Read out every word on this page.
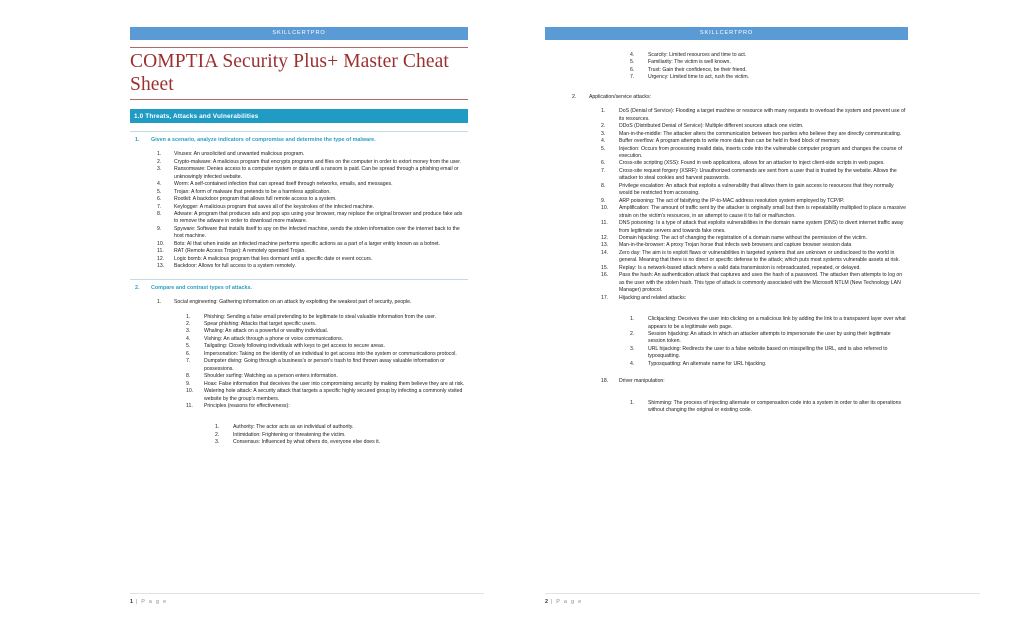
SKILLCERTPRO
COMPTIA Security Plus+ Master Cheat Sheet
1.0 Threats, Attacks and Vulnerabilities
1.	Given a scenario, analyze indicators of compromise and determine the type of malware.
1.	Viruses: An unsolicited and unwanted malicious program.
2.	Crypto-malware: A malicious program that encrypts programs and files on the computer in order to extort money from the user.
3.	Ransomware: Denies access to a computer system or data until a ransom is paid. Can be spread through a phishing email or unknowingly infected website.
4.	Worm: A self-contained infection that can spread itself through networks, emails, and messages.
5.	Trojan: A form of malware that pretends to be a harmless application.
6.	Rootkit: A backdoor program that allows full remote access to a system.
7.	Keylogger: A malicious program that saves all of the keystrokes of the infected machine.
8.	Adware: A program that produces ads and pop ups using your browser, may replace the original browser and produce fake ads to remove the adware in order to download more malware.
9.	Spyware: Software that installs itself to spy on the infected machine, sends the stolen information over the internet back to the host machine.
10.	Bots: AI that when inside an infected machine performs specific actions as a part of a larger entity known as a botnet.
11.	RAT (Remote Access Trojan): A remotely operated Trojan.
12.	Logic bomb: A malicious program that lies dormant until a specific date or event occurs.
13.	Backdoor: Allows for full access to a system remotely.
2.	Compare and contrast types of attacks.
1.	Social engineering: Gathering information on an attack by exploiting the weakest part of security, people.
1.	Phishing: Sending a false email pretending to be legitimate to steal valuable information from the user.
2.	Spear phishing: Attacks that target specific users.
3.	Whaling: An attack on a powerful or wealthy individual.
4.	Vishing: An attack through a phone or voice communications.
5.	Tailgating: Closely following individuals with keys to get access to secure areas.
6.	Impersonation: Taking on the identity of an individual to get access into the system or communications protocol.
7.	Dumpster diving: Going through a business's or person's trash to find thrown away valuable information or possessions.
8.	Shoulder surfing: Watching as a person enters information.
9.	Hoax: False information that deceives the user into compromising security by making them believe they are at risk.
10.	Watering hole attack: A security attack that targets a specific highly secured group by infecting a commonly visited website by the group's members.
11.	Principles (reasons for effectiveness):
1.	Authority: The actor acts as an individual of authority.
2.	Intimidation: Frightening or threatening the victim.
3.	Consensus: Influenced by what others do, everyone else does it.
1 | P a g e
SKILLCERTPRO
4.	Scarcity: Limited resources and time to act.
5.	Familiarity: The victim is well known.
6.	Trust: Gain their confidence, be their friend.
7.	Urgency: Limited time to act, rush the victim.
2.	Application/service attacks:
1.	DoS (Denial of Service): Flooding a target machine or resource with many requests to overload the system and prevent use of its resources.
2.	DDoS (Distributed Denial of Service): Multiple different sources attack one victim.
3.	Man-in-the-middle: The attacker alters the communication between two parties who believe they are directly communicating.
4.	Buffer overflow: A program attempts to write more data than can be held in fixed block of memory.
5.	Injection: Occurs from processing invalid data, inserts code into the vulnerable computer program and changes the course of execution.
6.	Cross-site scripting (XSS): Found in web applications, allows for an attacker to inject client-side scripts in web pages.
7.	Cross-site request forgery (XSRF): Unauthorized commands are sent from a user that is trusted by the website. Allows the attacker to steal cookies and harvest passwords.
8.	Privilege escalation: An attack that exploits a vulnerability that allows them to gain access to resources that they normally would be restricted from accessing.
9.	ARP poisoning: The act of falsifying the IP-to-MAC address resolution system employed by TCP/IP.
10.	Amplification: The amount of traffic sent by the attacker is originally small but then is repeatability multiplied to place a massive strain on the victim's resources, in an attempt to cause it to fail or malfunction.
11.	DNS poisoning: Is a type of attack that exploits vulnerabilities in the domain name system (DNS) to divert internet traffic away from legitimate servers and towards fake ones.
12.	Domain hijacking: The act of changing the registration of a domain name without the permission of the victim.
13.	Man-in-the-browser: A proxy Trojan horse that infects web browsers and capture browser session data
14.	Zero day: The aim is to exploit flaws or vulnerabilities in targeted systems that are unknown or undisclosed to the world in general. Meaning that there is no direct or specific defense to the attack; which puts most systems vulnerable assets at risk.
15.	Replay: Is a network-based attack where a valid data transmission is rebroadcasted, repeated, or delayed.
16.	Pass the hash: An authentication attack that captures and uses the hash of a password. The attacker then attempts to log on as the user with the stolen hash. This type of attack is commonly associated with the Microsoft NTLM (New Technology LAN Manager) protocol.
17.	Hijacking and related attacks:
1.	Clickjacking: Deceives the user into clicking on a malicious link by adding the link to a transparent layer over what appears to be a legitimate web page.
2.	Session hijacking: An attack in which an attacker attempts to impersonate the user by using their legitimate session token.
3.	URL hijacking: Redirects the user to a false website based on misspelling the URL, and is also referred to typosquatting.
4.	Typosquatting: An alternate name for URL hijacking.
18.	Driver manipulation:
1.	Shimming: The process of injecting alternate or compensation code into a system in order to alter its operations without changing the original or existing code.
2 | P a g e
